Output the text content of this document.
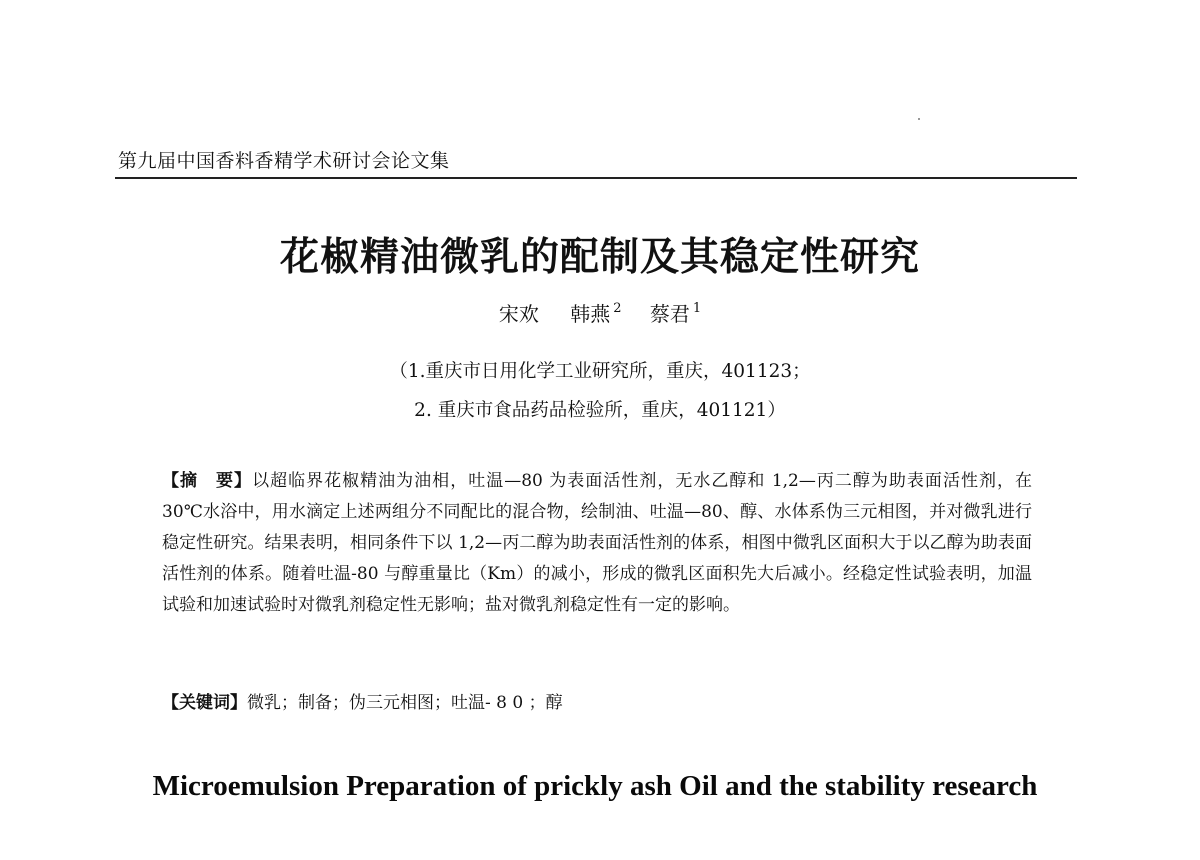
第九届中国香料香精学术研讨会论文集
花椒精油微乳的配制及其稳定性研究
宋欢 韩燕 $^2$ 蔡君 $^1$
（1.重庆市日用化学工业研究所，重庆，401123；
2. 重庆市食品药品检验所，重庆，401121）
【摘　要】以超临界花椒精油为油相，吐温—80 为表面活性剂，无水乙醇和 1,2—丙二醇为助表面活性剂，在 30℃水浴中，用水滴定上述两组分不同配比的混合物，绘制油、吐温—80、醇、水体系伪三元相图，并对微乳进行稳定性研究。结果表明，相同条件下以 1,2—丙二醇为助表面活性剂的体系，相图中微乳区面积大于以乙醇为助表面活性剂的体系。随着吐温-80 与醇重量比（Km）的减小，形成的微乳区面积先大后减小。经稳定性试验表明，加温试验和加速试验时对微乳剂稳定性无影响；盐对微乳剂稳定性有一定的影响。
【关键词】微乳；制备；伪三元相图；吐温- 8 0 ；醇
Microemulsion Preparation of prickly ash Oil and the stability research
